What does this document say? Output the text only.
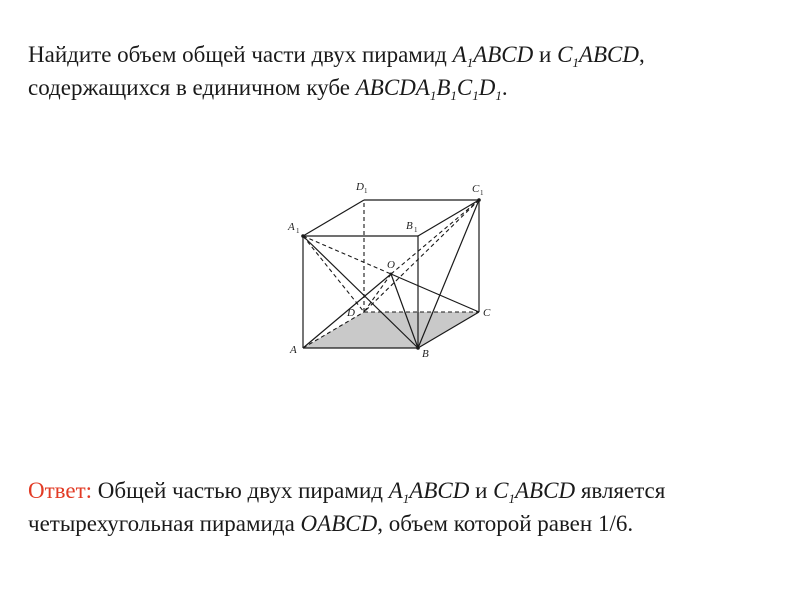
Найдите объем общей части двух пирамид $A_1ABCD$ и $C_1ABCD$, содержащихся в единичном кубе $ABCDA_1B_1C_1D_1$.
A	B
C
D
A 1	B 1
C 1
D 1
O
Ответ: Общей частью двух пирамид $A_1ABCD$ и $C_1ABCD$ является четырехугольная пирамида OABCD, объем которой равен 1/6.
